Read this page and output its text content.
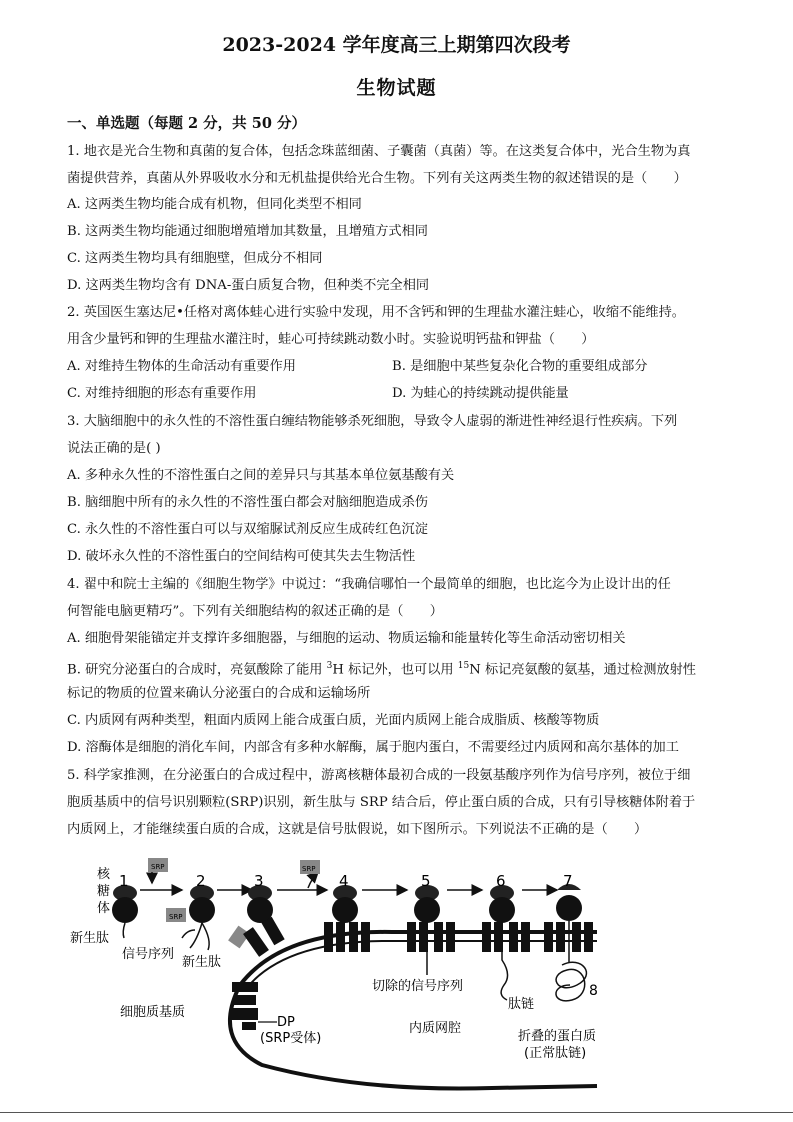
2023-2024 学年度高三上期第四次段考
生物试题
一、单选题（每题 2 分，共 50 分）
1. 地衣是光合生物和真菌的复合体，包括念珠蓝细菌、子囊菌（真菌）等。在这类复合体中，光合生物为真
菌提供营养，真菌从外界吸收水分和无机盐提供给光合生物。下列有关这两类生物的叙述错误的是（　　）
A. 这两类生物均能合成有机物，但同化类型不相同
B. 这两类生物均能通过细胞增殖增加其数量，且增殖方式相同
C. 这两类生物均具有细胞壁，但成分不相同
D. 这两类生物均含有 DNA-蛋白质复合物，但种类不完全相同
2. 英国医生塞达尼•任格对离体蛙心进行实验中发现，用不含钙和钾的生理盐水灌注蛙心，收缩不能维持。
用含少量钙和钾的生理盐水灌注时，蛙心可持续跳动数小时。实验说明钙盐和钾盐（　　）
A. 对维持生物体的生命活动有重要作用	B. 是细胞中某些复杂化合物的重要组成部分
C. 对维持细胞的形态有重要作用	D. 为蛙心的持续跳动提供能量
3. 大脑细胞中的永久性的不溶性蛋白缠结物能够杀死细胞，导致令人虚弱的渐进性神经退行性疾病。下列
说法正确的是( )
A. 多种永久性的不溶性蛋白之间的差异只与其基本单位氨基酸有关
B. 脑细胞中所有的永久性的不溶性蛋白都会对脑细胞造成杀伤
C. 永久性的不溶性蛋白可以与双缩脲试剂反应生成砖红色沉淀
D. 破坏永久性的不溶性蛋白的空间结构可使其失去生物活性
4. 翟中和院士主编的《细胞生物学》中说过：“我确信哪怕一个最简单的细胞，也比迄今为止设计出的任
何智能电脑更精巧”。下列有关细胞结构的叙述正确的是（　　）
A. 细胞骨架能锚定并支撑许多细胞器，与细胞的运动、物质运输和能量转化等生命活动密切相关
B. 研究分泌蛋白的合成时，亮氨酸除了能用 $^3$H 标记外，也可以用 $^{15}$N 标记亮氨酸的氨基，通过检测放射性
标记的物质的位置来确认分泌蛋白的合成和运输场所
C. 内质网有两种类型，粗面内质网上能合成蛋白质，光面内质网上能合成脂质、核酸等物质
D. 溶酶体是细胞的消化车间，内部含有多种水解酶，属于胞内蛋白，不需要经过内质网和高尔基体的加工
5. 科学家推测，在分泌蛋白的合成过程中，游离核糖体最初合成的一段氨基酸序列作为信号序列，被位于细
胞质基质中的信号识别颗粒(SRP)识别，新生肽与 SRP 结合后，停止蛋白质的合成，只有引导核糖体附着于
内质网上，才能继续蛋白质的合成，这就是信号肽假说，如下图所示。下列说法不正确的是（　　）
核
糖
体
1	2	3	4	5	6	7
8
SRP
SRP
SRP
新生肽
信号序列
新生肽
细胞质基质
DP
(SRP受体)
切除的信号序列
肽链
内质网腔
折叠的蛋白质
(正常肽链)
